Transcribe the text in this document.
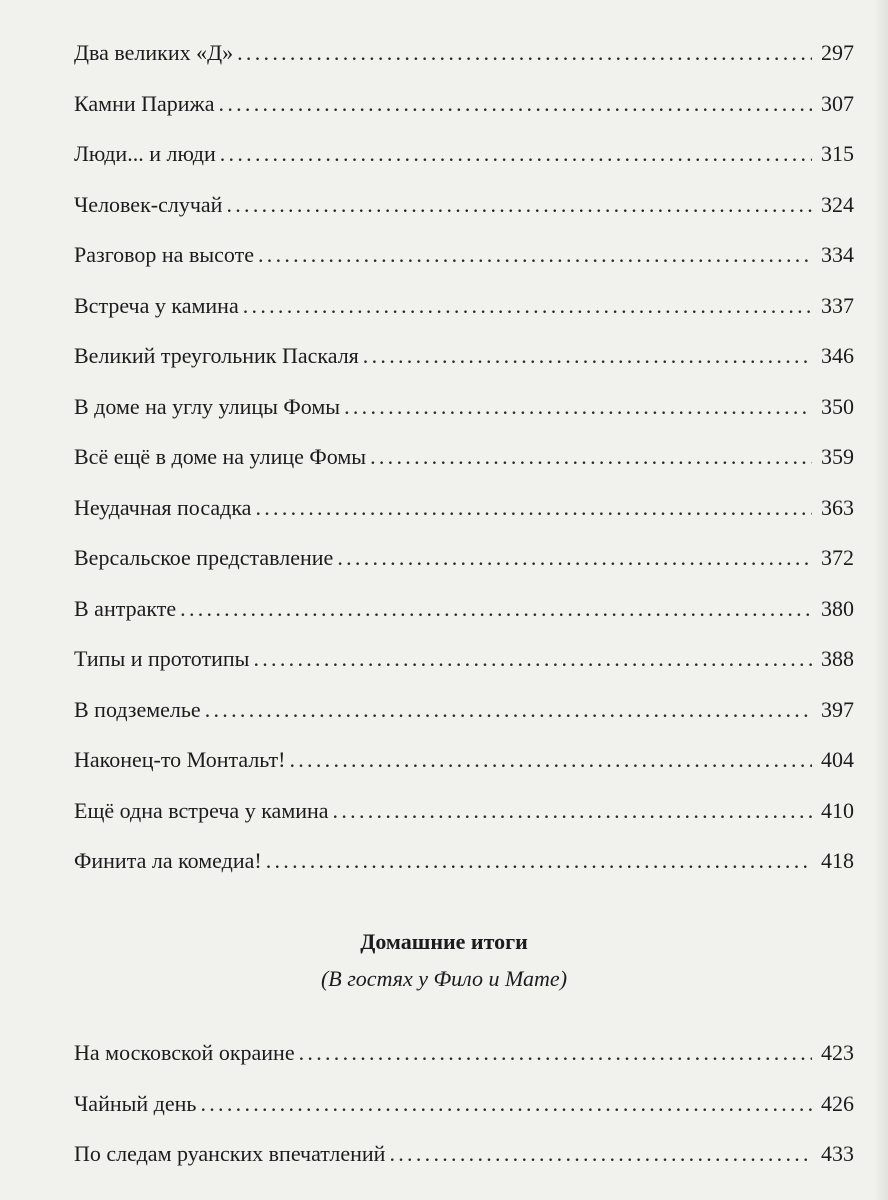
Два великих «Д» . . .	297
Камни Парижа . . .	307
Люди... и люди . . .	315
Человек-случай . . .	324
Разговор на высоте . . .	334
Встреча у камина . . .	337
Великий треугольник Паскаля . . .	346
В доме на углу улицы Фомы . . .	350
Всё ещё в доме на улице Фомы . . .	359
Неудачная посадка . . .	363
Версальское представление . . .	372
В антракте . . .	380
Типы и прототипы . . .	388
В подземелье . . .	397
Наконец-то Монтальт! . . .	404
Ещё одна встреча у камина . . .	410
Финита ла комедиа! . . .	418
Домашние итоги
(В гостях у Фило и Мате)
На московской окраине . . .	423
Чайный день . . .	426
По следам руанских впечатлений . . .	433
